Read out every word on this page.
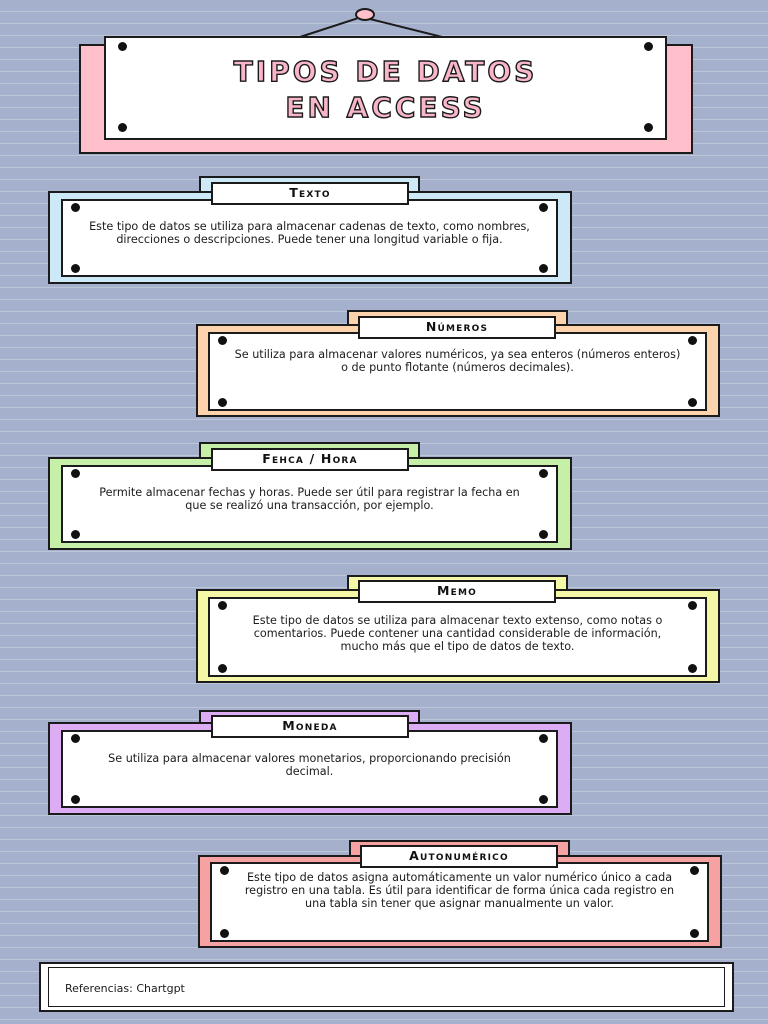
TIPOS DE DATOS
EN ACCESS
Este tipo de datos se utiliza para almacenar cadenas de texto, como nombres, direcciones o descripciones. Puede tener una longitud variable o fija.
Texto
Se utiliza para almacenar valores numéricos, ya sea enteros (números enteros) o de punto flotante (números decimales).
Números
Permite almacenar fechas y horas. Puede ser útil para registrar la fecha en que se realizó una transacción, por ejemplo.
Fehca / Hora
Este tipo de datos se utiliza para almacenar texto extenso, como notas o comentarios. Puede contener una cantidad considerable de información, mucho más que el tipo de datos de texto.
Memo
Se utiliza para almacenar valores monetarios, proporcionando precisión decimal.
Moneda
Este tipo de datos asigna automáticamente un valor numérico único a cada registro en una tabla. Es útil para identificar de forma única cada registro en una tabla sin tener que asignar manualmente un valor.
Autonumérico
Referencias: Chartgpt
